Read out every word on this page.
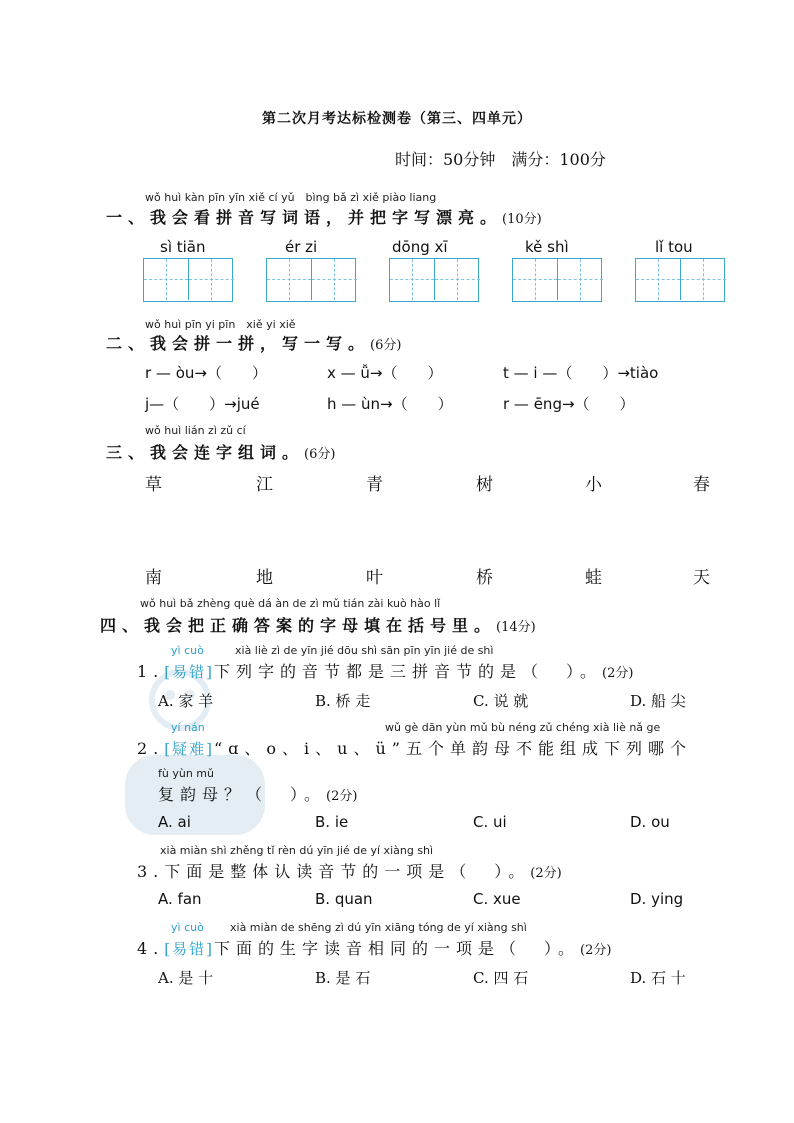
第二次月考达标检测卷（第三、四单元）
时间：50分钟　满分：100分
wǒ huì kàn pīn yīn xiě cí yǔ　bìng bǎ zì xiě piào liang
一、我会看拼音写词语，并把字写漂亮。(10分)
sì tiān	ér zi	dōng xī	kě shì	lǐ tou
wǒ huì pīn yi pīn　xiě yi xiě
二、我会拼一拼，写一写。(6分)
r — òu→（　　）	x — ǚ→（　　）	t — i —（　　）→tiào
j—（　　）→jué	h — ùn→（　　）	r — ēng→（　　）
wǒ huì lián zì zǔ cí
三、我会连字组词。(6分)
草	江	青	树	小	春
南	地	叶	桥	蛙	天
wǒ huì bǎ zhèng què dá àn de zì mǔ tián zài kuò hào lǐ
四、我会把正确答案的字母填在括号里。(14分)
yì cuò	xià liè zì de yīn jié dōu shì sān pīn yīn jié de shì
1.[易错]下列字的音节都是三拼音节的是（　）。(2分)
A. 家 羊	B. 桥 走	C. 说 就	D. 船 尖
yí nán	wǔ gè dān yùn mǔ bù néng zǔ chéng xià liè nǎ ge
2.[疑难]“ɑ、o、i、u、ü”五个单韵母不能组成下列哪个
fù yùn mǔ
复韵母？（　）。(2分)
A. ai	B. ie	C. ui	D. ou
xià miàn shì zhěng tǐ rèn dú yīn jié de yí xiàng shì
3.下面是整体认读音节的一项是（　）。(2分)
A. fan	B. quan	C. xue	D. ying
yì cuò xià miàn de shēng zì dú yīn xiāng tóng de yí xiàng shì
4.[易错]下面的生字读音相同的一项是（　）。(2分)
A. 是 十	B. 是 石	C. 四 石	D. 石 十
